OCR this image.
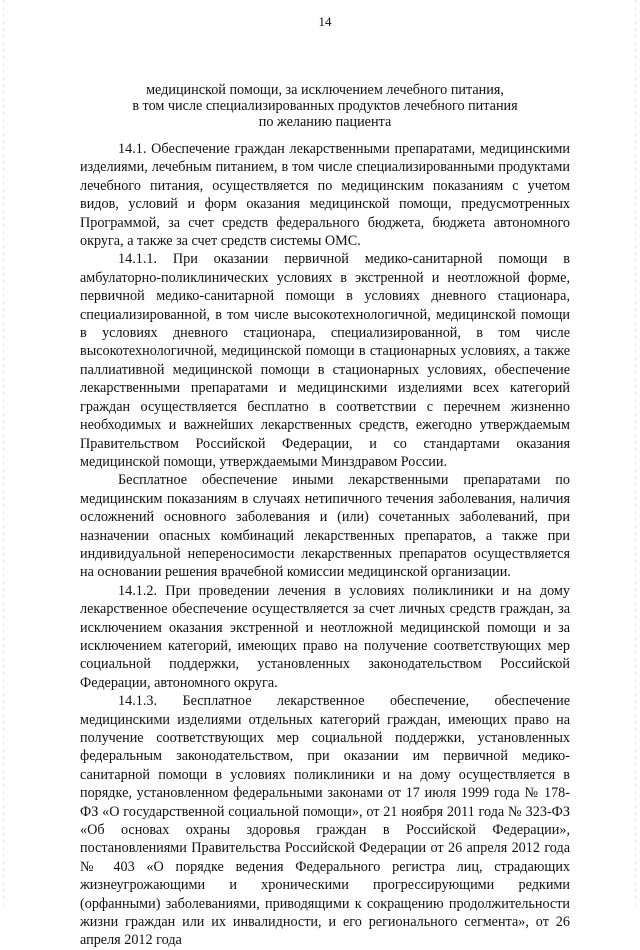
14
медицинской помощи, за исключением лечебного питания,
в том числе специализированных продуктов лечебного питания
по желанию пациента

14.1. Обеспечение граждан лекарственными препаратами, медицинскими изделиями, лечебным питанием, в том числе специализированными продуктами лечебного питания, осуществляется по медицинским показаниям с учетом видов, условий и форм оказания медицинской помощи, предусмотренных Программой, за счет средств федерального бюджета, бюджета автономного округа, а также за счет средств системы ОМС.

14.1.1. При оказании первичной медико-санитарной помощи в амбулаторно-поликлинических условиях в экстренной и неотложной форме, первичной медико-санитарной помощи в условиях дневного стационара, специализированной, в том числе высокотехнологичной, медицинской помощи в условиях дневного стационара, специализированной, в том числе высокотехнологичной, медицинской помощи в стационарных условиях, а также паллиативной медицинской помощи в стационарных условиях, обеспечение лекарственными препаратами и медицинскими изделиями всех категорий граждан осуществляется бесплатно в соответствии с перечнем жизненно необходимых и важнейших лекарственных средств, ежегодно утверждаемым Правительством Российской Федерации, и со стандартами оказания медицинской помощи, утверждаемыми Минздравом России.

Бесплатное обеспечение иными лекарственными препаратами по медицинским показаниям в случаях нетипичного течения заболевания, наличия осложнений основного заболевания и (или) сочетанных заболеваний, при назначении опасных комбинаций лекарственных препаратов, а также при индивидуальной непереносимости лекарственных препаратов осуществляется на основании решения врачебной комиссии медицинской организации.

14.1.2. При проведении лечения в условиях поликлиники и на дому лекарственное обеспечение осуществляется за счет личных средств граждан, за исключением оказания экстренной и неотложной медицинской помощи и за исключением категорий, имеющих право на получение соответствующих мер социальной поддержки, установленных законодательством Российской Федерации, автономного округа.

14.1.3. Бесплатное лекарственное обеспечение, обеспечение медицинскими изделиями отдельных категорий граждан, имеющих право на получение соответствующих мер социальной поддержки, установленных федеральным законодательством, при оказании им первичной медико-санитарной помощи в условиях поликлиники и на дому осуществляется в порядке, установленном федеральными законами от 17 июля 1999 года № 178-ФЗ «О государственной социальной помощи», от 21 ноября 2011 года № 323-ФЗ «Об основах охраны здоровья граждан в Российской Федерации», постановлениями Правительства Российской Федерации от 26 апреля 2012 года № 403 «О порядке ведения Федерального регистра лиц, страдающих жизнеугрожающими и хроническими прогрессирующими редкими (орфанными) заболеваниями, приводящими к сокращению продолжительности жизни граждан или их инвалидности, и его регионального сегмента», от 26 апреля 2012 года
